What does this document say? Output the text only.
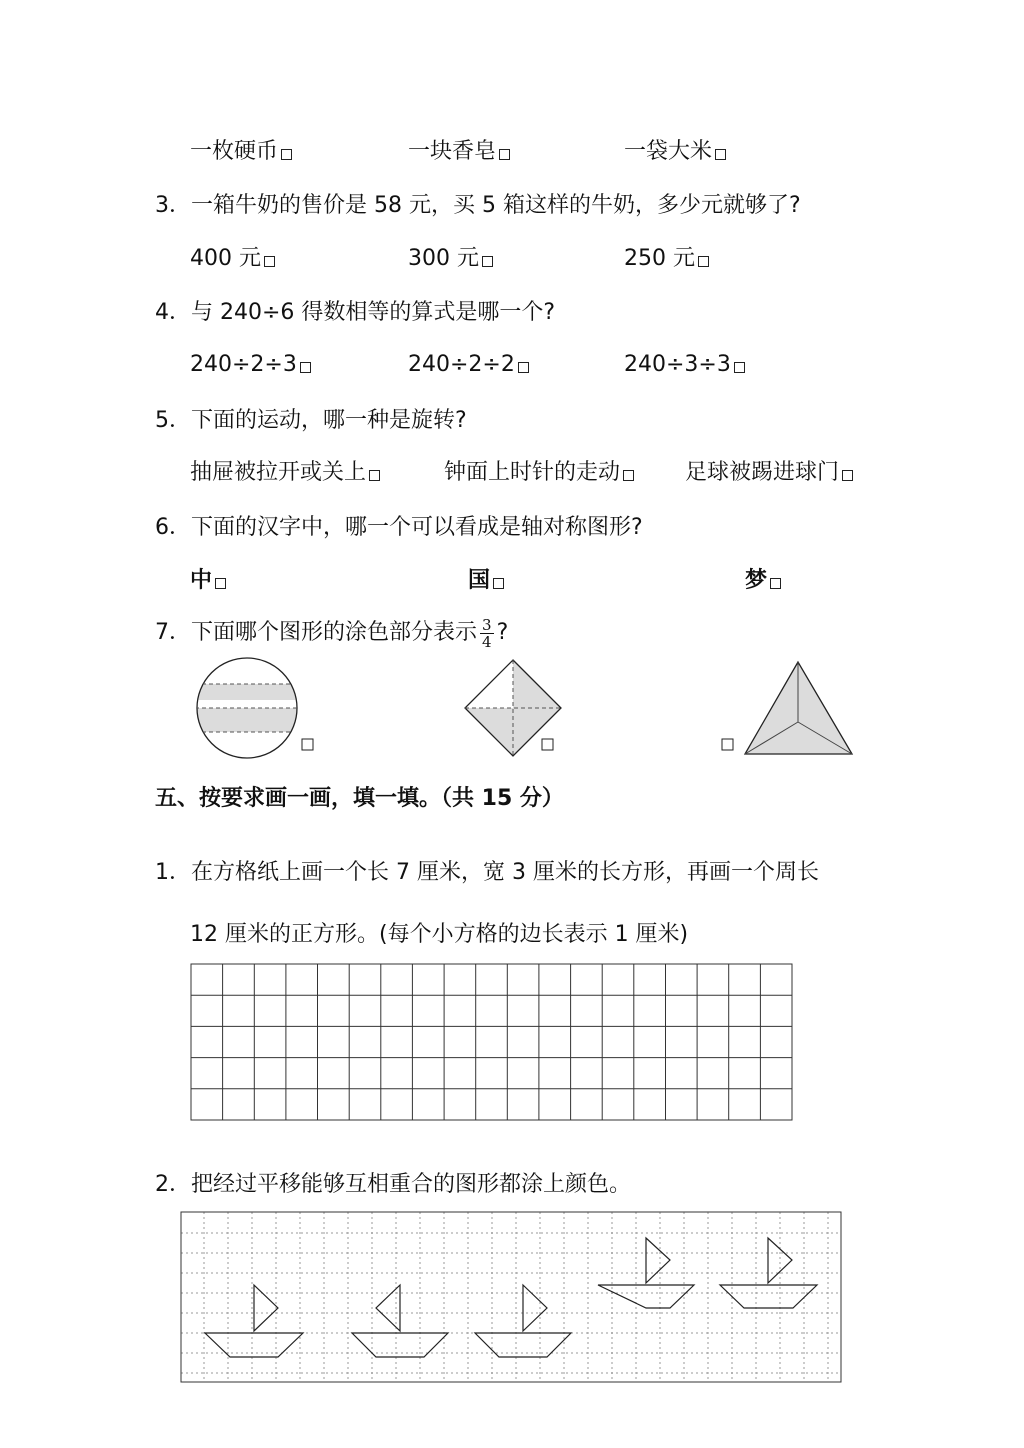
一枚硬币	一块香皂	一袋大米
3．一箱牛奶的售价是 58 元，买 5 箱这样的牛奶，多少元就够了?
400 元	300 元	250 元
4．与 240÷6 得数相等的算式是哪一个?
240÷2÷3	240÷2÷2	240÷3÷3
5．下面的运动，哪一种是旋转?
抽屉被拉开或关上	钟面上时针的走动	足球被踢进球门
6．下面的汉字中，哪一个可以看成是轴对称图形?
中	国	梦
7．下面哪个图形的涂色部分表示 $\frac{3}{4}$ ?
五、按要求画一画，填一填。（共 15 分）
1．在方格纸上画一个长 7 厘米，宽 3 厘米的长方形，再画一个周长
12 厘米的正方形。(每个小方格的边长表示 1 厘米)
2．把经过平移能够互相重合的图形都涂上颜色。
